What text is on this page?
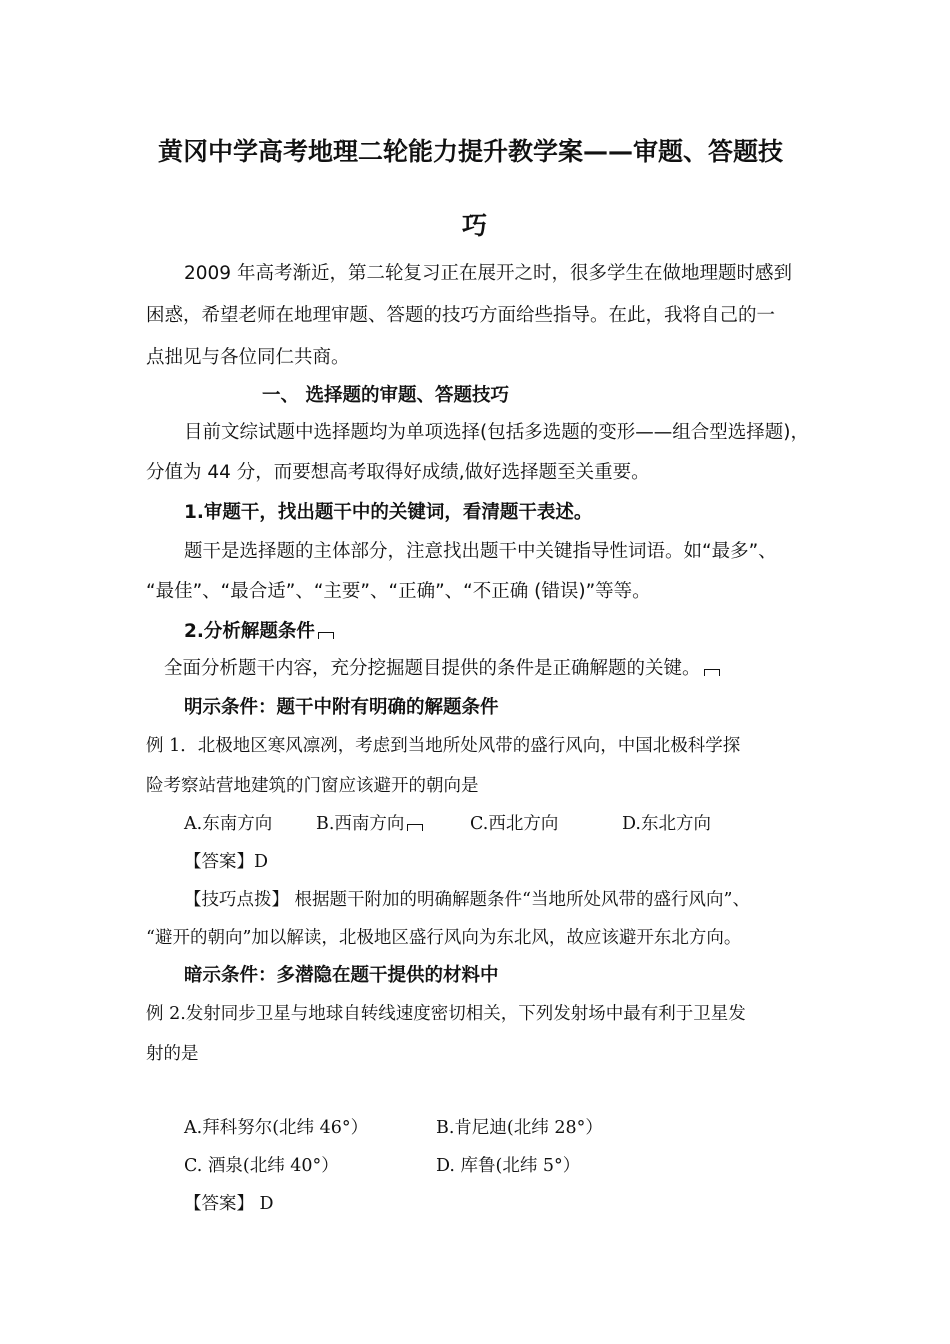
黄冈中学高考地理二轮能力提升教学案——审题、答题技
巧
2009 年高考渐近，第二轮复习正在展开之时，很多学生在做地理题时感到
困惑，希望老师在地理审题、答题的技巧方面给些指导。在此，我将自己的一
点拙见与各位同仁共商。
一、 选择题的审题、答题技巧
目前文综试题中选择题均为单项选择(包括多选题的变形——组合型选择题)，
分值为 44 分，而要想高考取得好成绩,做好选择题至关重要。
1.审题干，找出题干中的关键词，看清题干表述。
题干是选择题的主体部分，注意找出题干中关键指导性词语。如“最多”、
“最佳”、“最合适”、“主要”、“正确”、“不正确 (错误)”等等。
2.分析解题条件
全面分析题干内容，充分挖掘题目提供的条件是正确解题的关键。
明示条件：题干中附有明确的解题条件
例 1．北极地区寒风凛冽，考虑到当地所处风带的盛行风向，中国北极科学探
险考察站营地建筑的门窗应该避开的朝向是
A.东南方向	B.西南方向	C.西北方向	D.东北方向
【答案】D
【技巧点拨】 根据题干附加的明确解题条件“当地所处风带的盛行风向”、
“避开的朝向”加以解读，北极地区盛行风向为东北风，故应该避开东北方向。
暗示条件：多潜隐在题干提供的材料中
例 2.发射同步卫星与地球自转线速度密切相关，下列发射场中最有利于卫星发
射的是
A.拜科努尔(北纬 46°）	B.肯尼迪(北纬 28°）
C. 酒泉(北纬 40°）	D. 库鲁(北纬 5°）
【答案】 D
